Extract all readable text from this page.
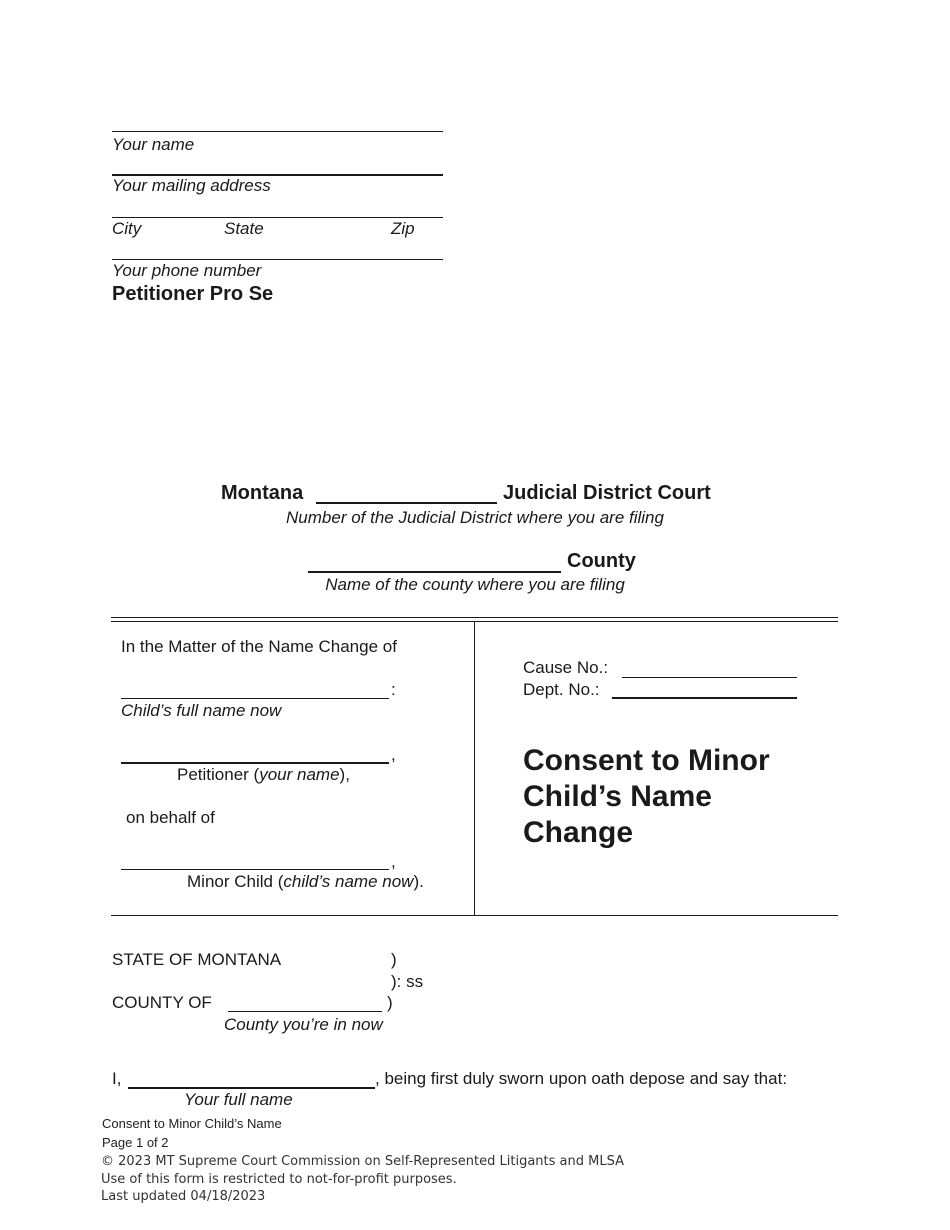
Your name
Your mailing address
City	State	Zip
Your phone number
Petitioner Pro Se
Montana	Judicial District Court
Number of the Judicial District where you are filing
County
Name of the county where you are filing
In the Matter of the Name Change of
:
Child’s full name now
,
Petitioner (your name),
on behalf of
,
Minor Child (child’s name now).
Cause No.:
Dept. No.:
Consent to Minor
Child’s Name
Change
STATE OF MONTANA	)
): ss
COUNTY OF	)
County you’re in now
I,	, being first duly sworn upon oath depose and say that:
Your full name
Consent to Minor Child’s Name
Page 1 of 2
© 2023 MT Supreme Court Commission on Self-Represented Litigants and MLSA
Use of this form is restricted to not-for-profit purposes.
Last updated 04/18/2023
